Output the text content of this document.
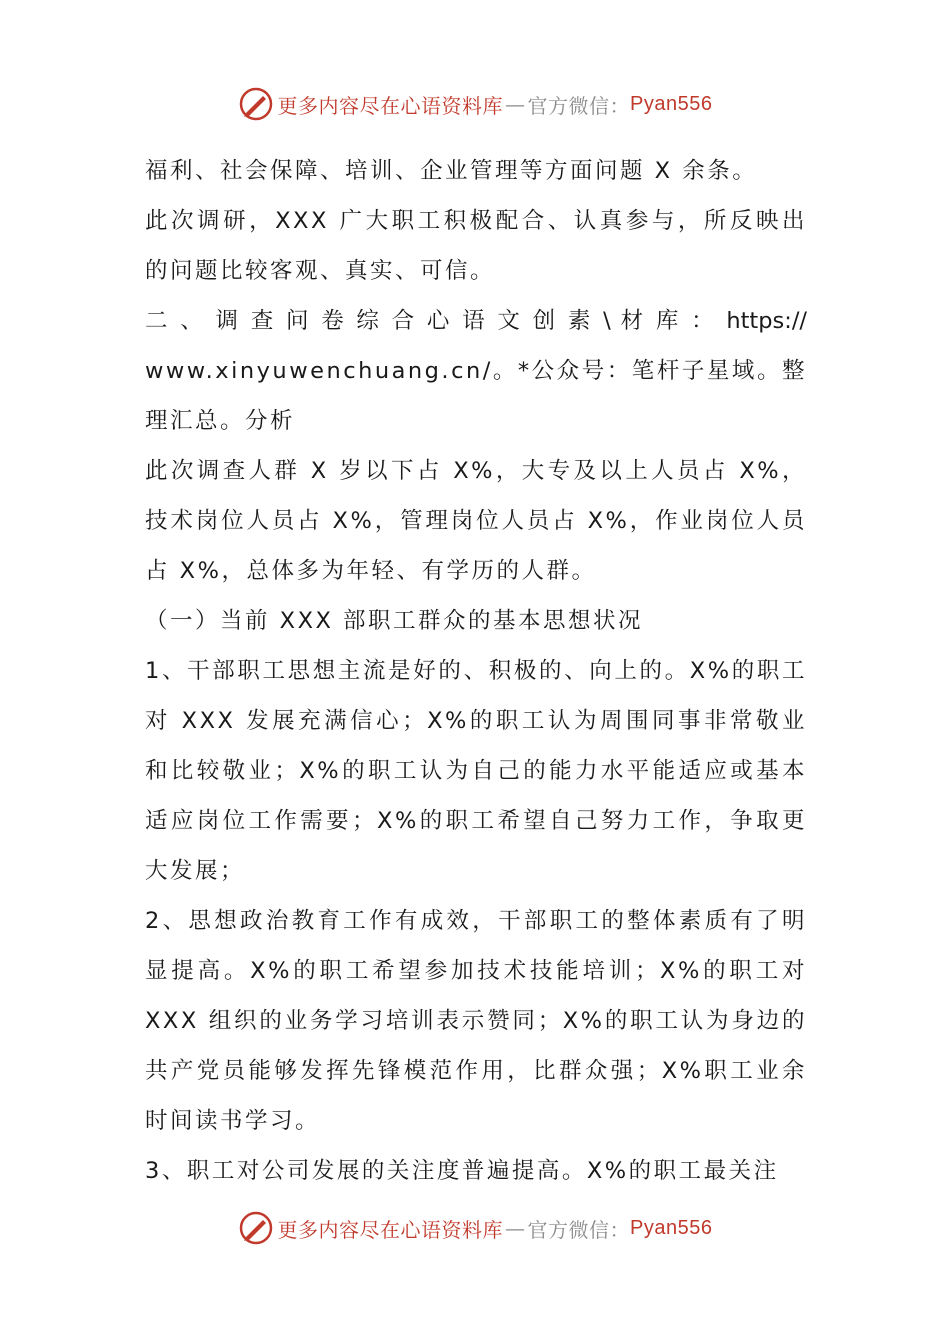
更多内容尽在心语资料库 — 官方微信： Pyan556

福利、社会保障、培训、企业管理等方面问题 X 余条。

此次调研，XXX 广大职工积极配合、认真参与，所反映出的问题比较客观、真实、可信。

二 、 调 查 问 卷 综 合 心 语 文 创 素 \ 材 库 ： https://

www.xinyuwenchuang.cn/。*公众号：笔杆子星域。整理汇总。分析

此次调查人群 X 岁以下占 X%，大专及以上人员占 X%，技术岗位人员占 X%，管理岗位人员占 X%，作业岗位人员占 X%，总体多为年轻、有学历的人群。

（一）当前 XXX 部职工群众的基本思想状况

1、干部职工思想主流是好的、积极的、向上的。X%的职工对 XXX 发展充满信心；X%的职工认为周围同事非常敬业和比较敬业；X%的职工认为自己的能力水平能适应或基本适应岗位工作需要；X%的职工希望自己努力工作，争取更大发展；

2、思想政治教育工作有成效，干部职工的整体素质有了明显提高。X%的职工希望参加技术技能培训；X%的职工对 XXX 组织的业务学习培训表示赞同；X%的职工认为身边的共产党员能够发挥先锋模范作用，比群众强；X%职工业余时间读书学习。

3、职工对公司发展的关注度普遍提高。X%的职工最关注

更多内容尽在心语资料库 — 官方微信： Pyan556
